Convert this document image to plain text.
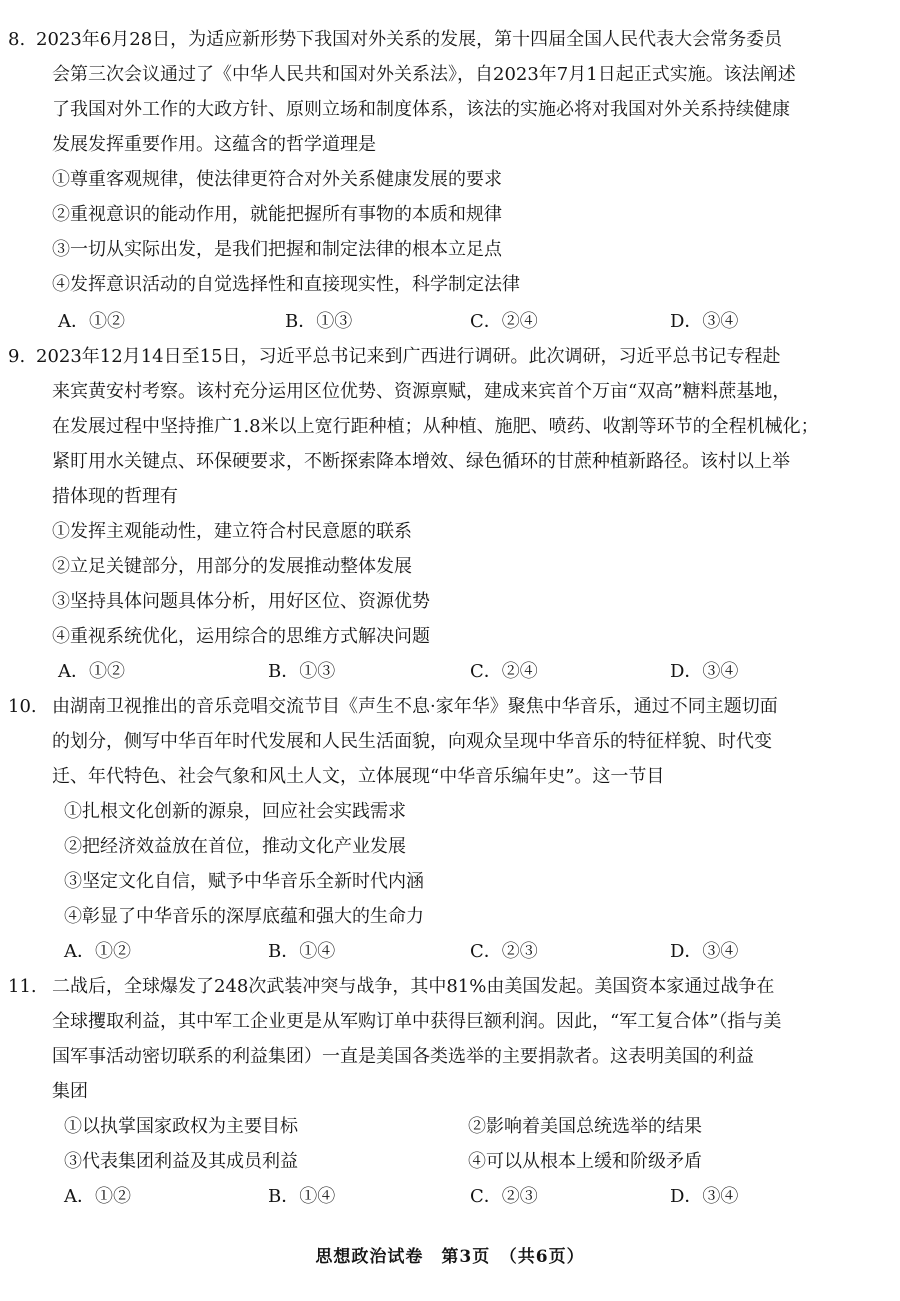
8. 2023年6月28日，为适应新形势下我国对外关系的发展，第十四届全国人民代表大会常务委员
会第三次会议通过了《中华人民共和国对外关系法》，自2023年7月1日起正式实施。该法阐述
了我国对外工作的大政方针、原则立场和制度体系，该法的实施必将对我国对外关系持续健康
发展发挥重要作用。这蕴含的哲学道理是
①尊重客观规律，使法律更符合对外关系健康发展的要求
②重视意识的能动作用，就能把握所有事物的本质和规律
③一切从实际出发，是我们把握和制定法律的根本立足点
④发挥意识活动的自觉选择性和直接现实性，科学制定法律
A．①②	B．①③	C．②④	D．③④
9. 2023年12月14日至15日，习近平总书记来到广西进行调研。此次调研，习近平总书记专程赴
来宾黄安村考察。该村充分运用区位优势、资源禀赋，建成来宾首个万亩“双高”糖料蔗基地，
在发展过程中坚持推广1.8米以上宽行距种植；从种植、施肥、喷药、收割等环节的全程机械化；
紧盯用水关键点、环保硬要求，不断探索降本增效、绿色循环的甘蔗种植新路径。该村以上举
措体现的哲理有
①发挥主观能动性，建立符合村民意愿的联系
②立足关键部分，用部分的发展推动整体发展
③坚持具体问题具体分析，用好区位、资源优势
④重视系统优化，运用综合的思维方式解决问题
A．①②	B．①③	C．②④	D．③④
10. 由湖南卫视推出的音乐竞唱交流节目《声生不息·家年华》聚焦中华音乐，通过不同主题切面
的划分，侧写中华百年时代发展和人民生活面貌，向观众呈现中华音乐的特征样貌、时代变
迁、年代特色、社会气象和风土人文，立体展现“中华音乐编年史”。这一节目
①扎根文化创新的源泉，回应社会实践需求
②把经济效益放在首位，推动文化产业发展
③坚定文化自信，赋予中华音乐全新时代内涵
④彰显了中华音乐的深厚底蕴和强大的生命力
A．①②	B．①④	C．②③	D．③④
11. 二战后，全球爆发了248次武装冲突与战争，其中81%由美国发起。美国资本家通过战争在
全球攫取利益，其中军工企业更是从军购订单中获得巨额利润。因此，“军工复合体”（指与美
国军事活动密切联系的利益集团）一直是美国各类选举的主要捐款者。这表明美国的利益
集团
①以执掌国家政权为主要目标	②影响着美国总统选举的结果
③代表集团利益及其成员利益	④可以从根本上缓和阶级矛盾
A．①②	B．①④	C．②③	D．③④
思想政治试卷　第3页　（共6页）
